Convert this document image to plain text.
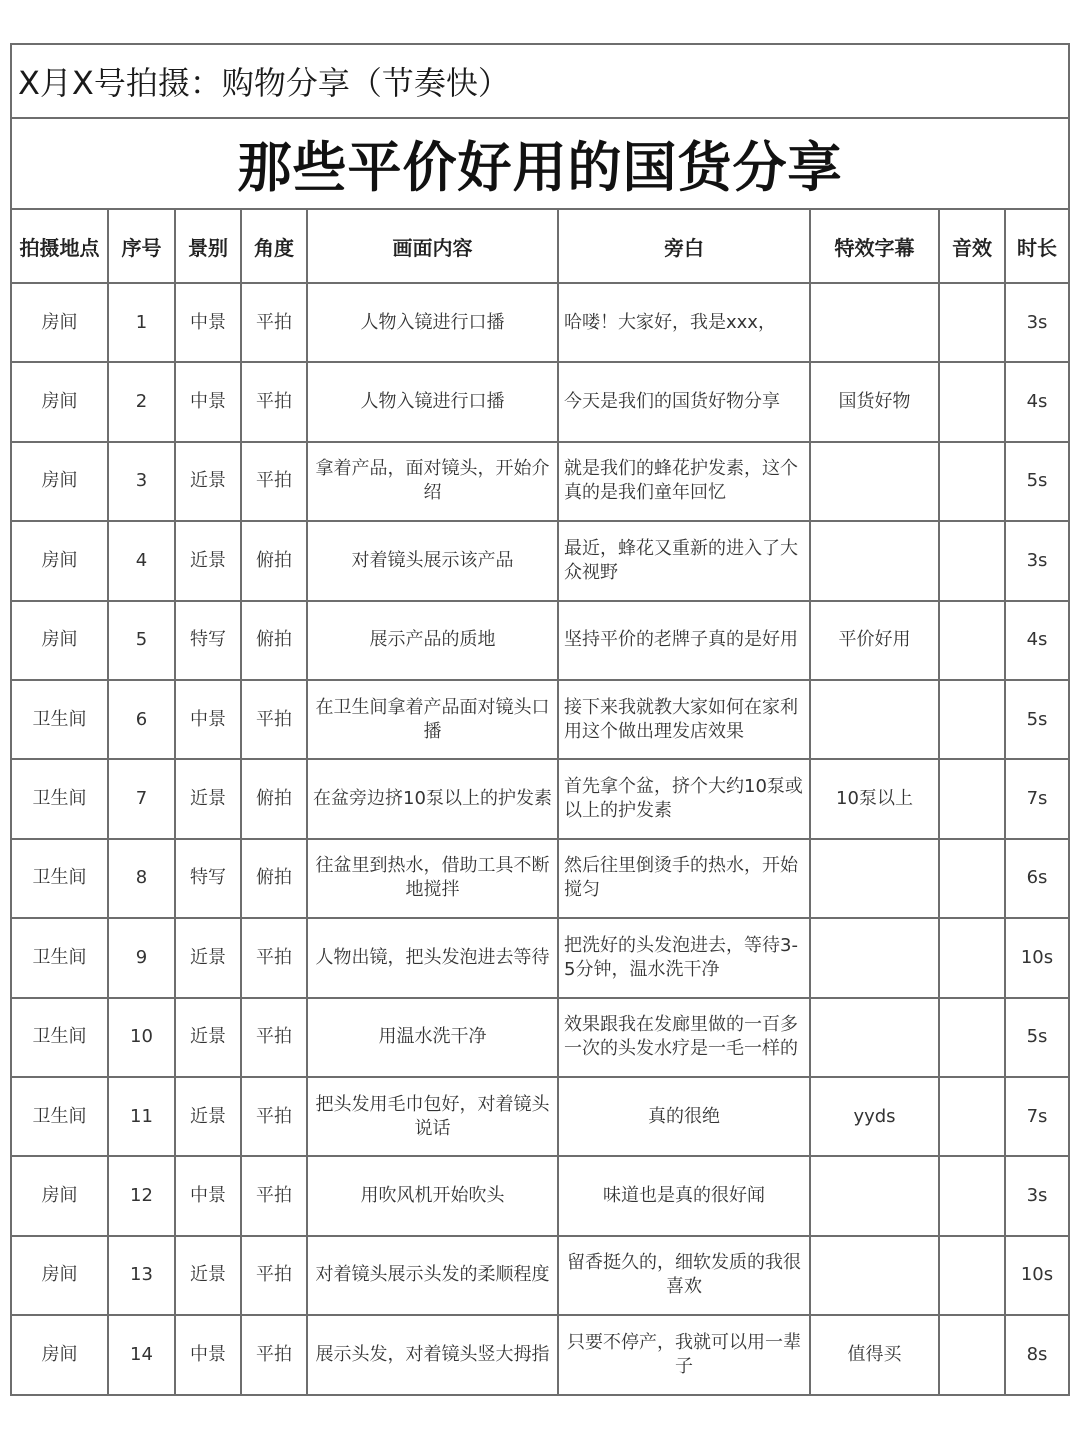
X月X号拍摄：购物分享（节奏快）
那些平价好用的国货分享
拍摄地点	序号	景别	角度	画面内容	旁白	特效字幕	音效	时长
房间	1	中景	平拍	人物入镜进行口播	哈喽！大家好，我是xxx，			3s
房间	2	中景	平拍	人物入镜进行口播	今天是我们的国货好物分享	国货好物		4s
房间	3	近景	平拍	拿着产品，面对镜头，开始介绍	就是我们的蜂花护发素，这个真的是我们童年回忆			5s
房间	4	近景	俯拍	对着镜头展示该产品	最近，蜂花又重新的进入了大众视野			3s
房间	5	特写	俯拍	展示产品的质地	坚持平价的老牌子真的是好用	平价好用		4s
卫生间	6	中景	平拍	在卫生间拿着产品面对镜头口播	接下来我就教大家如何在家利用这个做出理发店效果			5s
卫生间	7	近景	俯拍	在盆旁边挤10泵以上的护发素	首先拿个盆，挤个大约10泵或以上的护发素	10泵以上		7s
卫生间	8	特写	俯拍	往盆里到热水，借助工具不断地搅拌	然后往里倒烫手的热水，开始搅匀			6s
卫生间	9	近景	平拍	人物出镜，把头发泡进去等待	把洗好的头发泡进去，等待3-5分钟，温水洗干净			10s
卫生间	10	近景	平拍	用温水洗干净	效果跟我在发廊里做的一百多一次的头发水疗是一毛一样的			5s
卫生间	11	近景	平拍	把头发用毛巾包好，对着镜头说话	真的很绝	yyds		7s
房间	12	中景	平拍	用吹风机开始吹头	味道也是真的很好闻			3s
房间	13	近景	平拍	对着镜头展示头发的柔顺程度	留香挺久的，细软发质的我很喜欢			10s
房间	14	中景	平拍	展示头发，对着镜头竖大拇指	只要不停产，我就可以用一辈子	值得买		8s
